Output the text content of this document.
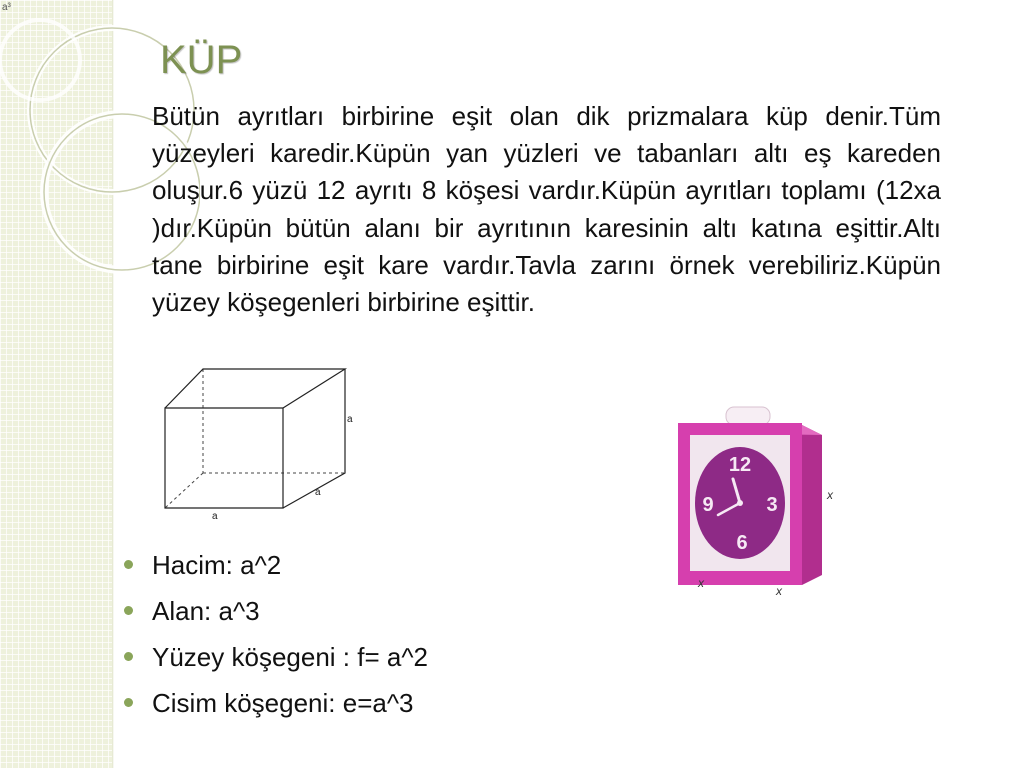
a³
KÜP

Bütün ayrıtları birbirine eşit olan dik prizmalara küp denir.Tüm yüzeyleri karedir.Küpün yan yüzleri ve tabanları altı eş kareden oluşur.6 yüzü 12 ayrıtı 8 köşesi vardır.Küpün ayrıtları toplamı (12xa )dır.Küpün bütün alanı bir ayrıtının karesinin altı katına eşittir.Altı tane birbirine eşit kare vardır.Tavla zarını örnek verebiliriz.Küpün yüzey köşegenleri birbirine eşittir.

a
a
a
Hacim: a^2
Alan: a^3
Yüzey köşegeni : f= a^2
Cisim köşegeni: e=a^3
12
3
6
9	x
x
x
